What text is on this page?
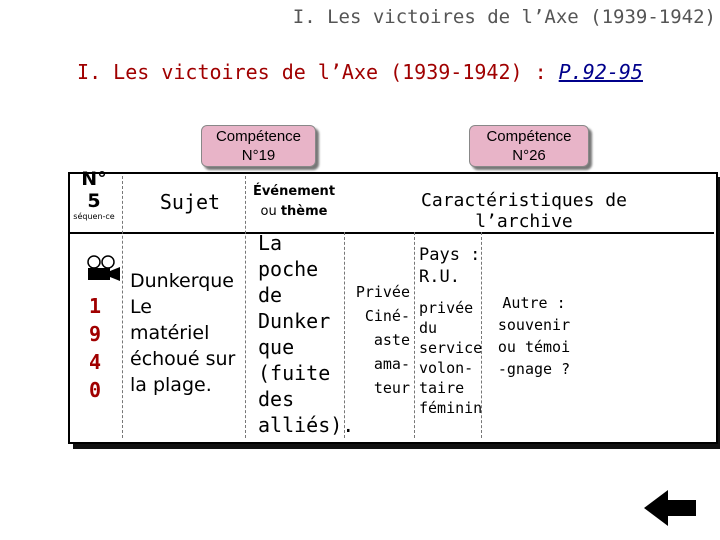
I. Les victoires de l’Axe (1939-1942)
I. Les victoires de l’Axe (1939-1942) : P.92-95
Compétence
N°19
Compétence
N°26
N°
5
séquen-ce
Sujet	Événement
ou thème
Caractéristiques de l’archive
1
9
4
0
Dunkerque
Le
matériel
échoué sur
la plage.
La
poche
de
Dunker
que
(fuite
des
alliés).
Privée
Ciné-
aste
ama-
teur
Pays :
R.U.
privée
du
service
volon-
taire
féminin
Autre :
souvenir
ou témoi
-gnage ?
